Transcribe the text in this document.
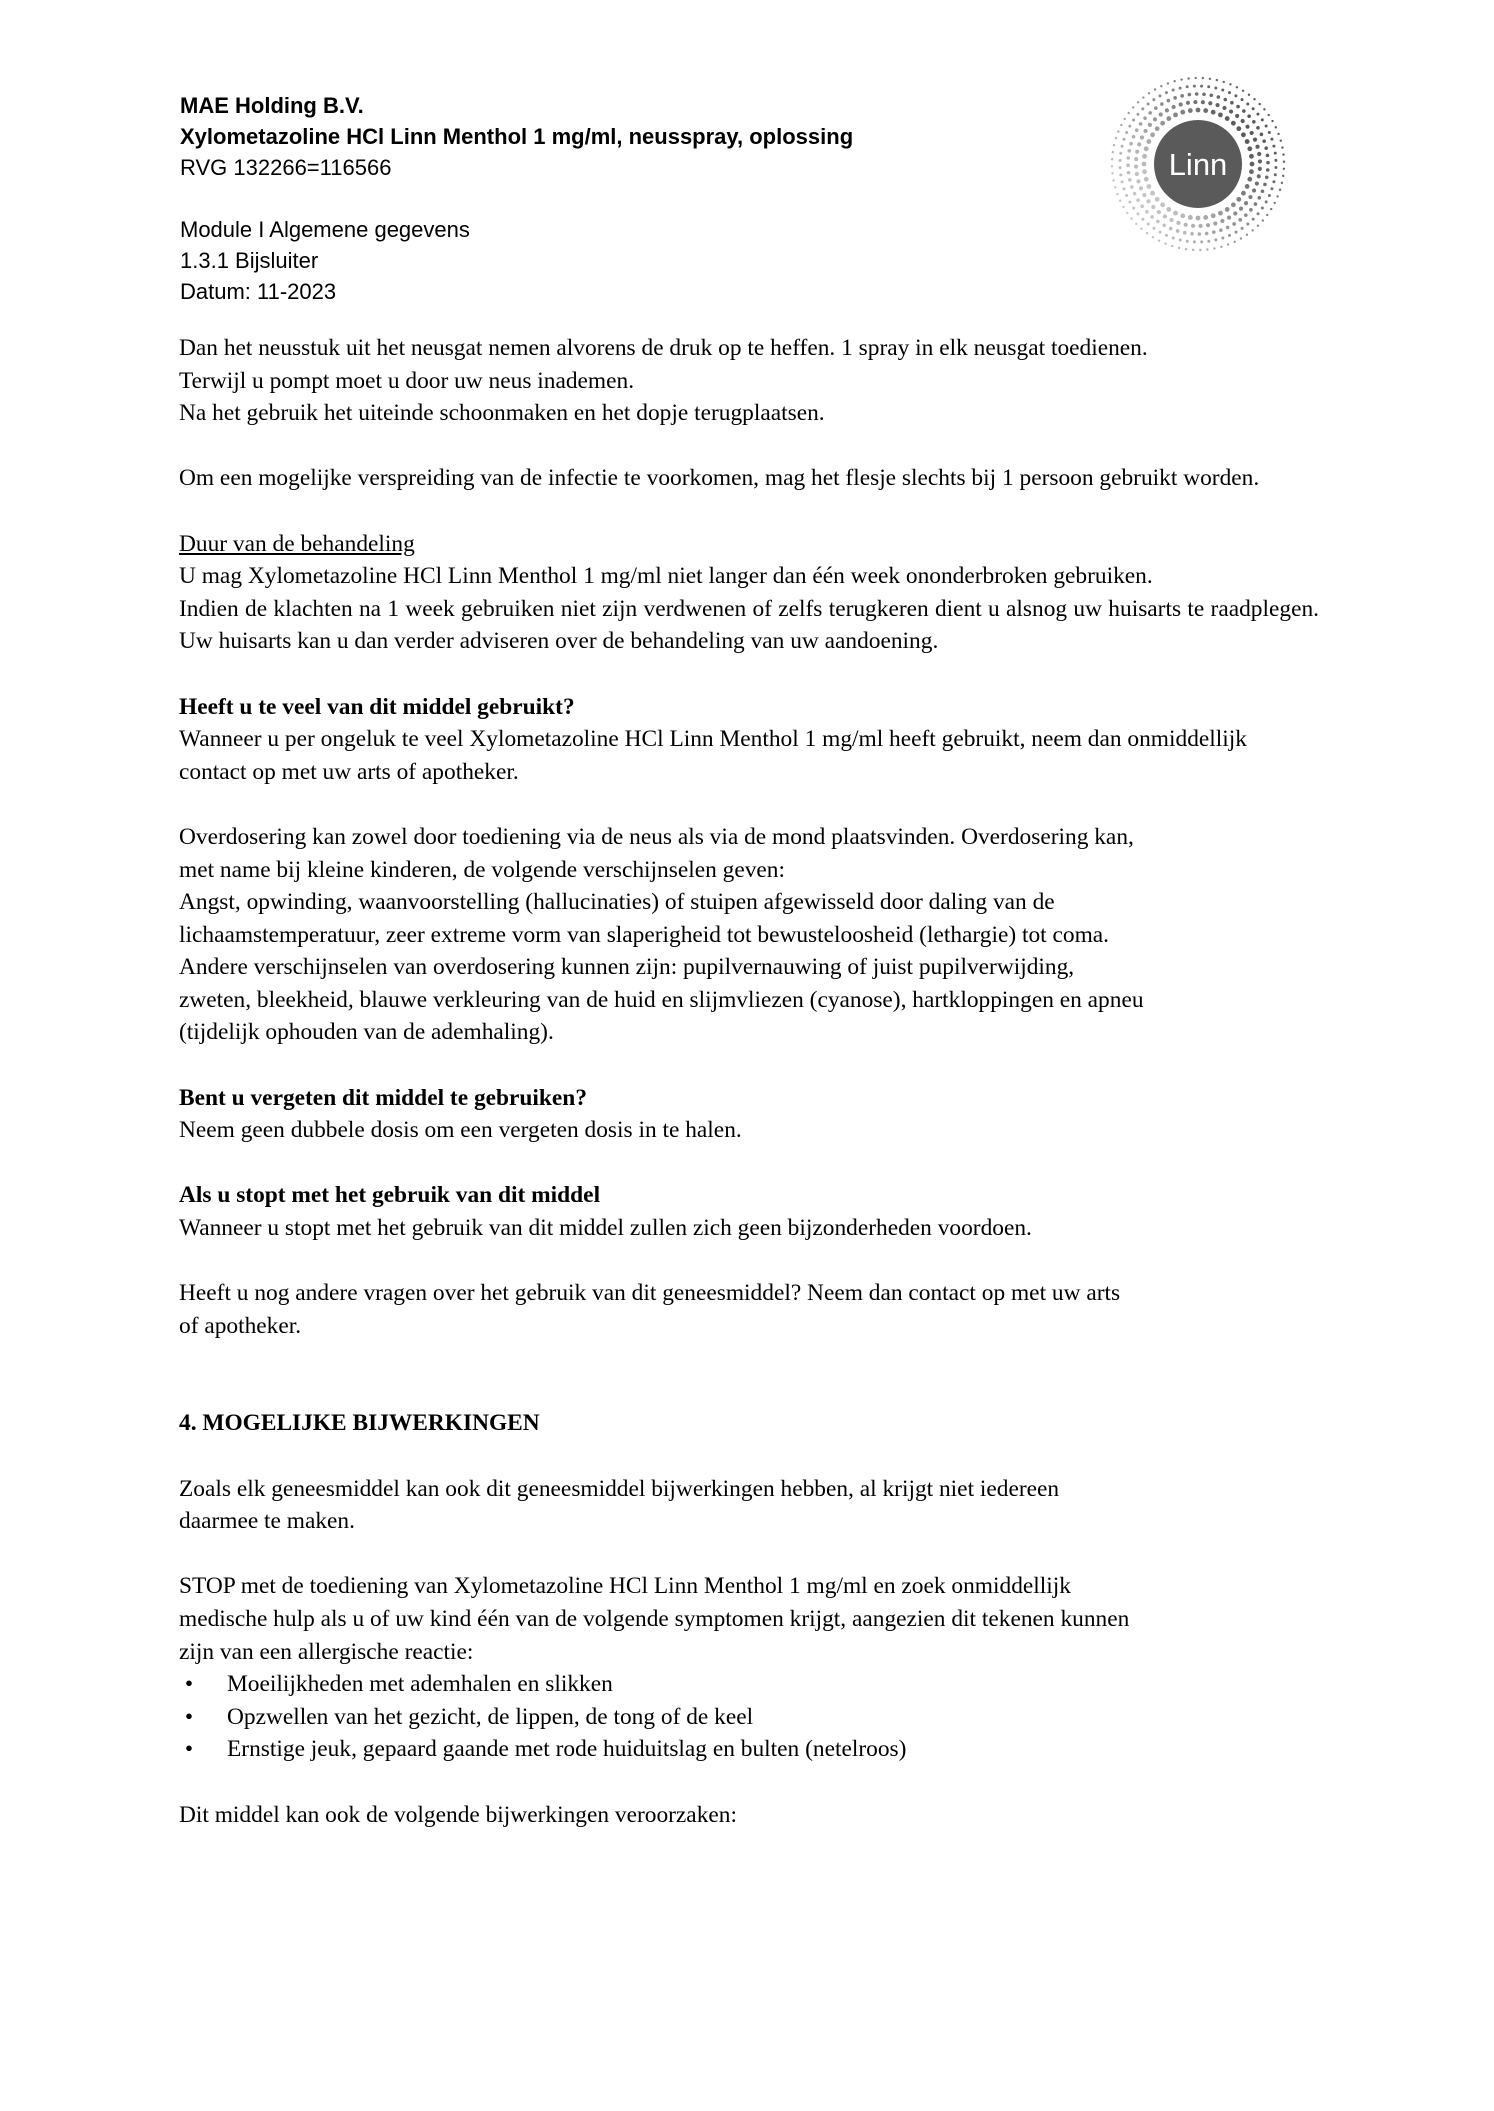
MAE Holding B.V.
Xylometazoline HCl Linn Menthol 1 mg/ml, neusspray, oplossing
RVG 132266=116566
Module I Algemene gegevens
1.3.1 Bijsluiter
Datum: 11-2023
Linn

Dan het neusstuk uit het neusgat nemen alvorens de druk op te heffen. 1 spray in elk neusgat toedienen.
Terwijl u pompt moet u door uw neus inademen.
Na het gebruik het uiteinde schoonmaken en het dopje terugplaatsen.

Om een mogelijke verspreiding van de infectie te voorkomen, mag het flesje slechts bij 1 persoon gebruikt worden.

Duur van de behandeling
U mag Xylometazoline HCl Linn Menthol 1 mg/ml niet langer dan één week ononderbroken gebruiken.
Indien de klachten na 1 week gebruiken niet zijn verdwenen of zelfs terugkeren dient u alsnog uw huisarts te raadplegen. Uw huisarts kan u dan verder adviseren over de behandeling van uw aandoening.

Heeft u te veel van dit middel gebruikt?
Wanneer u per ongeluk te veel Xylometazoline HCl Linn Menthol 1 mg/ml heeft gebruikt, neem dan onmiddellijk contact op met uw arts of apotheker.

Overdosering kan zowel door toediening via de neus als via de mond plaatsvinden. Overdosering kan,
met name bij kleine kinderen, de volgende verschijnselen geven:
Angst, opwinding, waanvoorstelling (hallucinaties) of stuipen afgewisseld door daling van de
lichaamstemperatuur, zeer extreme vorm van slaperigheid tot bewusteloosheid (lethargie) tot coma.
Andere verschijnselen van overdosering kunnen zijn: pupilvernauwing of juist pupilverwijding,
zweten, bleekheid, blauwe verkleuring van de huid en slijmvliezen (cyanose), hartkloppingen en apneu
(tijdelijk ophouden van de ademhaling).

Bent u vergeten dit middel te gebruiken?
Neem geen dubbele dosis om een vergeten dosis in te halen.

Als u stopt met het gebruik van dit middel
Wanneer u stopt met het gebruik van dit middel zullen zich geen bijzonderheden voordoen.

Heeft u nog andere vragen over het gebruik van dit geneesmiddel? Neem dan contact op met uw arts
of apotheker.

4. MOGELIJKE BIJWERKINGEN

Zoals elk geneesmiddel kan ook dit geneesmiddel bijwerkingen hebben, al krijgt niet iedereen
daarmee te maken.

STOP met de toediening van Xylometazoline HCl Linn Menthol 1 mg/ml en zoek onmiddellijk
medische hulp als u of uw kind één van de volgende symptomen krijgt, aangezien dit tekenen kunnen
zijn van een allergische reactie:

• Moeilijkheden met ademhalen en slikken
• Opzwellen van het gezicht, de lippen, de tong of de keel
• Ernstige jeuk, gepaard gaande met rode huiduitslag en bulten (netelroos)

Dit middel kan ook de volgende bijwerkingen veroorzaken:
